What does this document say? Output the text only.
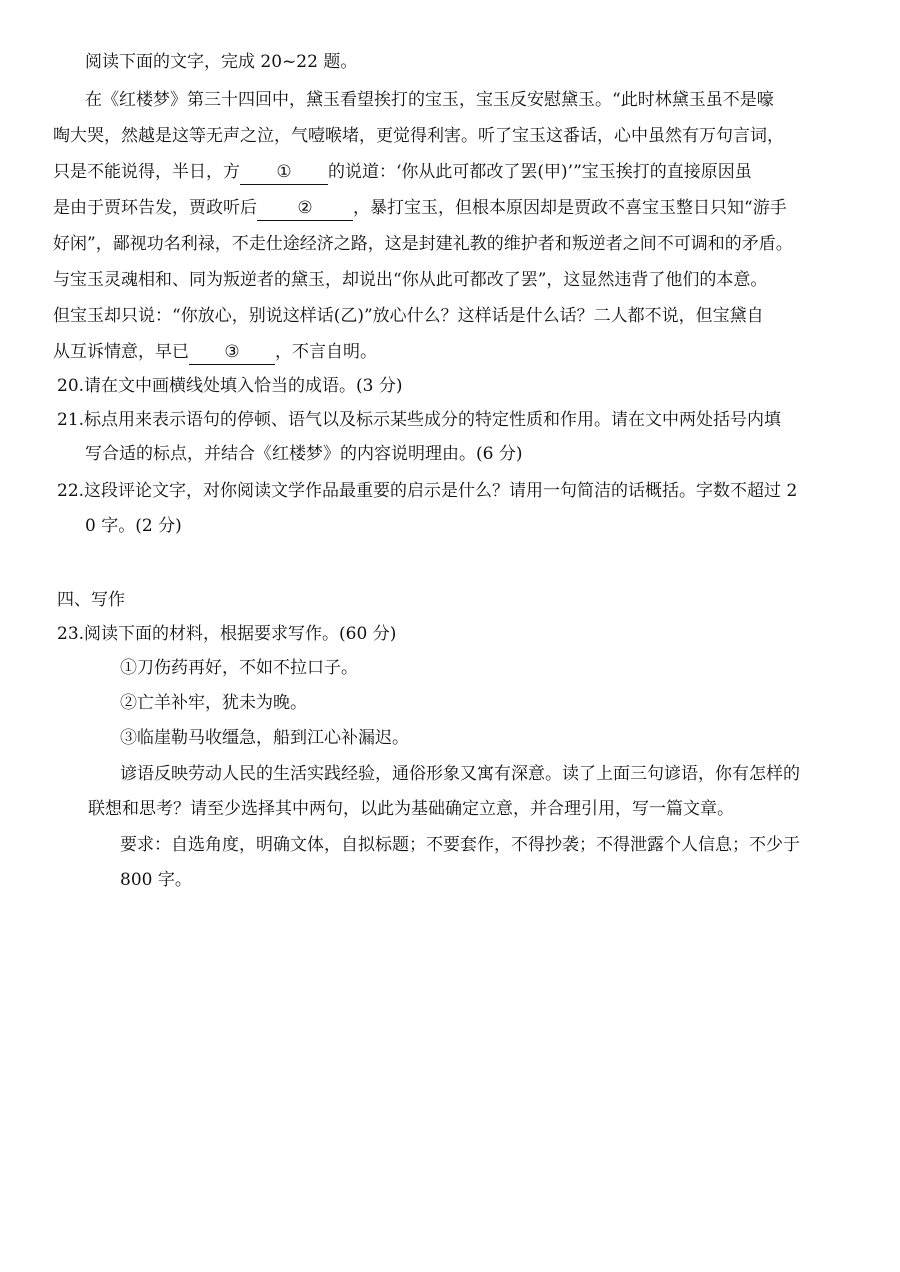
阅读下面的文字，完成 20~22 题。
在《红楼梦》第三十四回中，黛玉看望挨打的宝玉，宝玉反安慰黛玉。“此时林黛玉虽不是嚎
啕大哭，然越是这等无声之泣，气噎喉堵，更觉得利害。听了宝玉这番话，心中虽然有万句言词，
只是不能说得，半日，方 ① 的说道：‘你从此可都改了罢(甲)’”宝玉挨打的直接原因虽
是由于贾环告发，贾政听后 ② ，暴打宝玉，但根本原因却是贾政不喜宝玉整日只知“游手
好闲”，鄙视功名利禄，不走仕途经济之路，这是封建礼教的维护者和叛逆者之间不可调和的矛盾。
与宝玉灵魂相和、同为叛逆者的黛玉，却说出“你从此可都改了罢”，这显然违背了他们的本意。
但宝玉却只说：“你放心，别说这样话(乙)”放心什么？这样话是什么话？二人都不说，但宝黛自
从互诉情意，早已 ③ ，不言自明。
20.请在文中画横线处填入恰当的成语。(3 分)
21.标点用来表示语句的停顿、语气以及标示某些成分的特定性质和作用。请在文中两处括号内填
写合适的标点，并结合《红楼梦》的内容说明理由。(6 分)
22.这段评论文字，对你阅读文学作品最重要的启示是什么？请用一句简洁的话概括。字数不超过 2
0 字。(2 分)
四、写作
23.阅读下面的材料，根据要求写作。(60 分)
①刀伤药再好，不如不拉口子。
②亡羊补牢，犹未为晚。
③临崖勒马收缰急，船到江心补漏迟。
谚语反映劳动人民的生活实践经验，通俗形象又寓有深意。读了上面三句谚语，你有怎样的
联想和思考？请至少选择其中两句，以此为基础确定立意，并合理引用，写一篇文章。
要求：自选角度，明确文体，自拟标题；不要套作，不得抄袭；不得泄露个人信息；不少于
800 字。
